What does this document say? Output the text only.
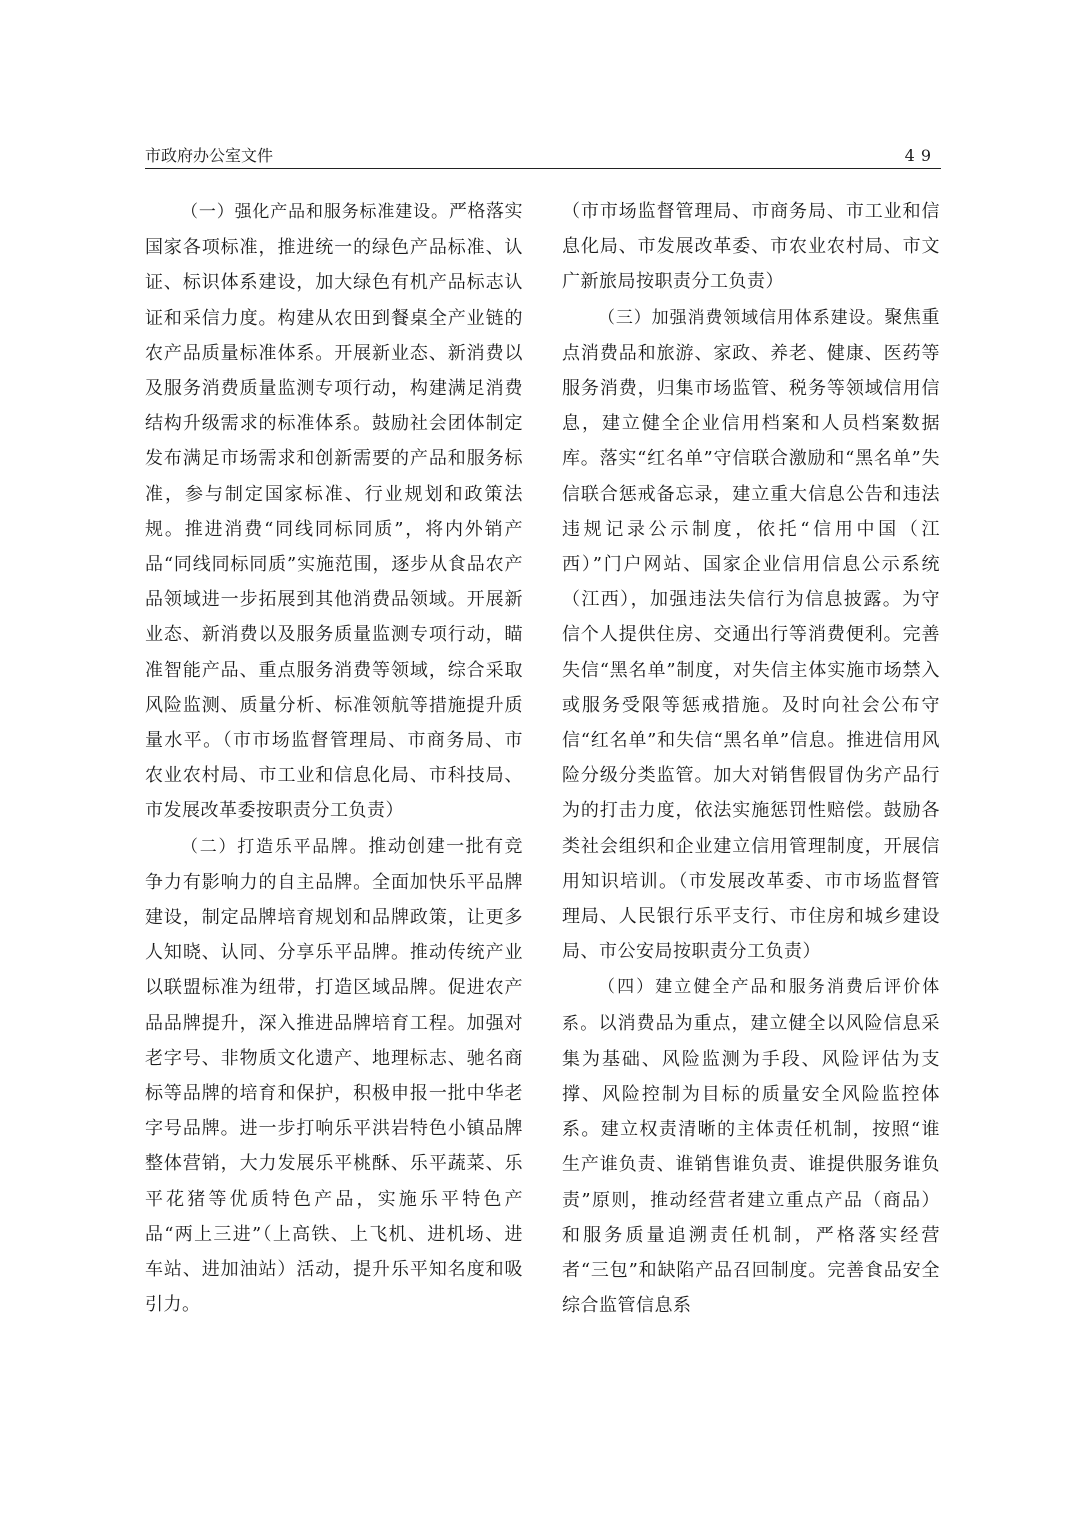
市政府办公室文件	49

（一）强化产品和服务标准建设。严格落实国家各项标准，推进统一的绿色产品标准、认证、标识体系建设，加大绿色有机产品标志认证和采信力度。构建从农田到餐桌全产业链的农产品质量标准体系。开展新业态、新消费以及服务消费质量监测专项行动，构建满足消费结构升级需求的标准体系。鼓励社会团体制定发布满足市场需求和创新需要的产品和服务标准，参与制定国家标准、行业规划和政策法规。推进消费“同线同标同质”，将内外销产品“同线同标同质”实施范围，逐步从食品农产品领域进一步拓展到其他消费品领域。开展新业态、新消费以及服务质量监测专项行动，瞄准智能产品、重点服务消费等领域，综合采取风险监测、质量分析、标准领航等措施提升质量水平。（市市场监督管理局、市商务局、市农业农村局、市工业和信息化局、市科技局、市发展改革委按职责分工负责）

（二）打造乐平品牌。推动创建一批有竞争力有影响力的自主品牌。全面加快乐平品牌建设，制定品牌培育规划和品牌政策，让更多人知晓、认同、分享乐平品牌。推动传统产业以联盟标准为纽带，打造区域品牌。促进农产品品牌提升，深入推进品牌培育工程。加强对老字号、非物质文化遗产、地理标志、驰名商标等品牌的培育和保护，积极申报一批中华老字号品牌。进一步打响乐平洪岩特色小镇品牌整体营销，大力发展乐平桃酥、乐平蔬菜、乐平花猪等优质特色产品，实施乐平特色产品“两上三进”（上高铁、上飞机、进机场、进车站、进加油站）活动，提升乐平知名度和吸引力。

（市市场监督管理局、市商务局、市工业和信息化局、市发展改革委、市农业农村局、市文广新旅局按职责分工负责）

（三）加强消费领域信用体系建设。聚焦重点消费品和旅游、家政、养老、健康、医药等服务消费，归集市场监管、税务等领域信用信息，建立健全企业信用档案和人员档案数据库。落实“红名单”守信联合激励和“黑名单”失信联合惩戒备忘录，建立重大信息公告和违法违规记录公示制度，依托“信用中国（江西）”门户网站、国家企业信用信息公示系统（江西），加强违法失信行为信息披露。为守信个人提供住房、交通出行等消费便利。完善失信“黑名单”制度，对失信主体实施市场禁入或服务受限等惩戒措施。及时向社会公布守信“红名单”和失信“黑名单”信息。推进信用风险分级分类监管。加大对销售假冒伪劣产品行为的打击力度，依法实施惩罚性赔偿。鼓励各类社会组织和企业建立信用管理制度，开展信用知识培训。（市发展改革委、市市场监督管理局、人民银行乐平支行、市住房和城乡建设局、市公安局按职责分工负责）

（四）建立健全产品和服务消费后评价体系。以消费品为重点，建立健全以风险信息采集为基础、风险监测为手段、风险评估为支撑、风险控制为目标的质量安全风险监控体系。建立权责清晰的主体责任机制，按照“谁生产谁负责、谁销售谁负责、谁提供服务谁负责”原则，推动经营者建立重点产品（商品）和服务质量追溯责任机制，严格落实经营者“三包”和缺陷产品召回制度。完善食品安全综合监管信息系
